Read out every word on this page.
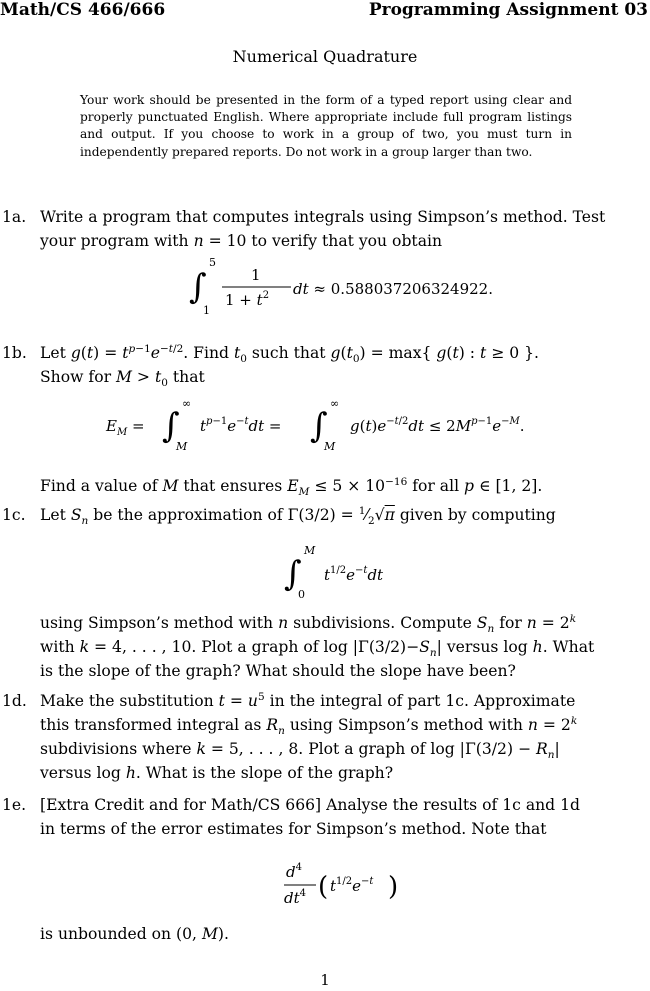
Math/CS 466/666	Programming Assignment 03
Numerical Quadrature
Your work should be presented in the form of a typed report using clear and properly punctuated English. Where appropriate include full program listings and output. If you choose to work in a group of two, you must turn in independently prepared reports. Do not work in a group larger than two.
1a. Write a program that computes integrals using Simpson’s method. Test
your program with n = 10 to verify that you obtain
∫
5
1
1
$1 + t^2$ dt ≈ 0.588037206324922.
1b. Let $g(t) = t^{p-1}e^{-t/2}$. Find $t_0$ such that $g(t_0) = \max${ g(t) : t ≥ 0 }.
Show for $M > t_0$ that
$E_M$ = ∫
∞
M
$t^{p-1}e^{-t}dt$ = ∫
∞
M
$g(t)e^{-t/2}dt \le 2M^{p-1}e^{-M}$.
Find a value of M that ensures $E_M \le 5 \times 10^{-16}$ for all p ∈ [1, 2].
1c. Let $S_n$ be the approximation of $\Gamma(3/2) = ^1⁄_2√\pi$ given by computing
∫
M
0
$t^{1/2}e^{-t}dt$
using Simpson’s method with n subdivisions. Compute $S_n$ for $n = 2^k$
with k = 4, . . . , 10. Plot a graph of $\log |\Gamma(3/2)-S_n|$ versus log h. What
is the slope of the graph? What should the slope have been?
1d. Make the substitution $t = u^5$ in the integral of part 1c. Approximate
this transformed integral as $R_n$ using Simpson’s method with $n = 2^k$
subdivisions where k = 5, . . . , 8. Plot a graph of $\log |\Gamma(3/2) - R_n|$
versus log h. What is the slope of the graph?
1e. [Extra Credit and for Math/CS 666] Analyse the results of 1c and 1d
in terms of the error estimates for Simpson’s method. Note that
$d^4$
$dt^4$ ( $t^{1/2}e^{-t}$ )
is unbounded on (0, M).
1
